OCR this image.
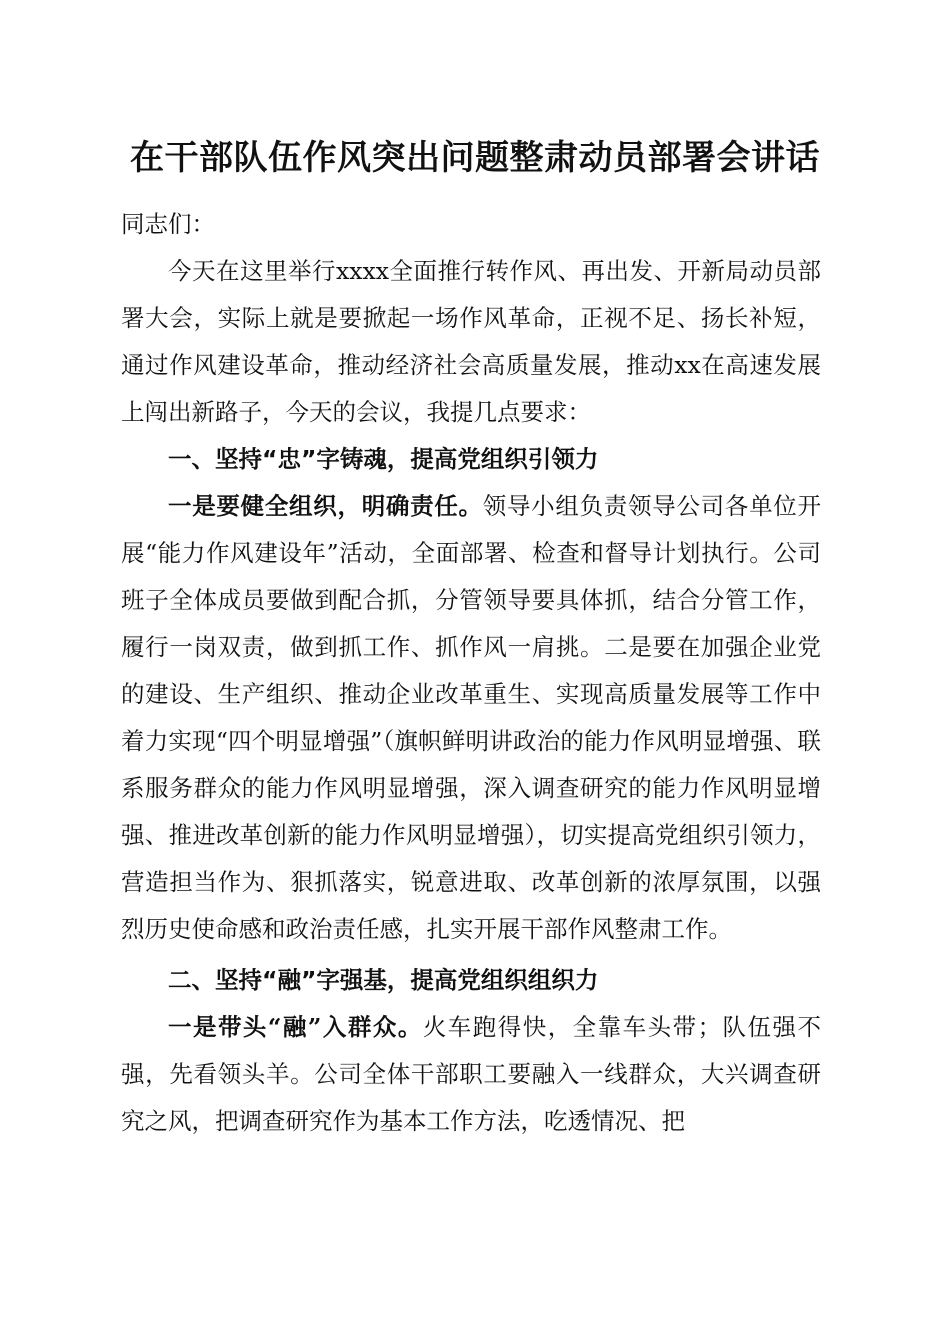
在干部队伍作风突出问题整肃动员部署会讲话

同志们：

今天在这里举行xxxx全面推行转作风、再出发、开新局动员部署大会，实际上就是要掀起一场作风革命，正视不足、扬长补短，通过作风建设革命，推动经济社会高质量发展，推动xx在高速发展上闯出新路子，今天的会议，我提几点要求：

一、坚持“忠”字铸魂，提高党组织引领力

一是要健全组织，明确责任。领导小组负责领导公司各单位开展“能力作风建设年”活动，全面部署、检查和督导计划执行。公司班子全体成员要做到配合抓，分管领导要具体抓，结合分管工作，履行一岗双责，做到抓工作、抓作风一肩挑。二是要在加强企业党的建设、生产组织、推动企业改革重生、实现高质量发展等工作中着力实现“四个明显增强”（旗帜鲜明讲政治的能力作风明显增强、联系服务群众的能力作风明显增强，深入调查研究的能力作风明显增强、推进改革创新的能力作风明显增强），切实提高党组织引领力，营造担当作为、狠抓落实，锐意进取、改革创新的浓厚氛围，以强烈历史使命感和政治责任感，扎实开展干部作风整肃工作。

二、坚持“融”字强基，提高党组织组织力

一是带头“融”入群众。火车跑得快，全靠车头带；队伍强不强，先看领头羊。公司全体干部职工要融入一线群众，大兴调查研究之风，把调查研究作为基本工作方法，吃透情况、把
